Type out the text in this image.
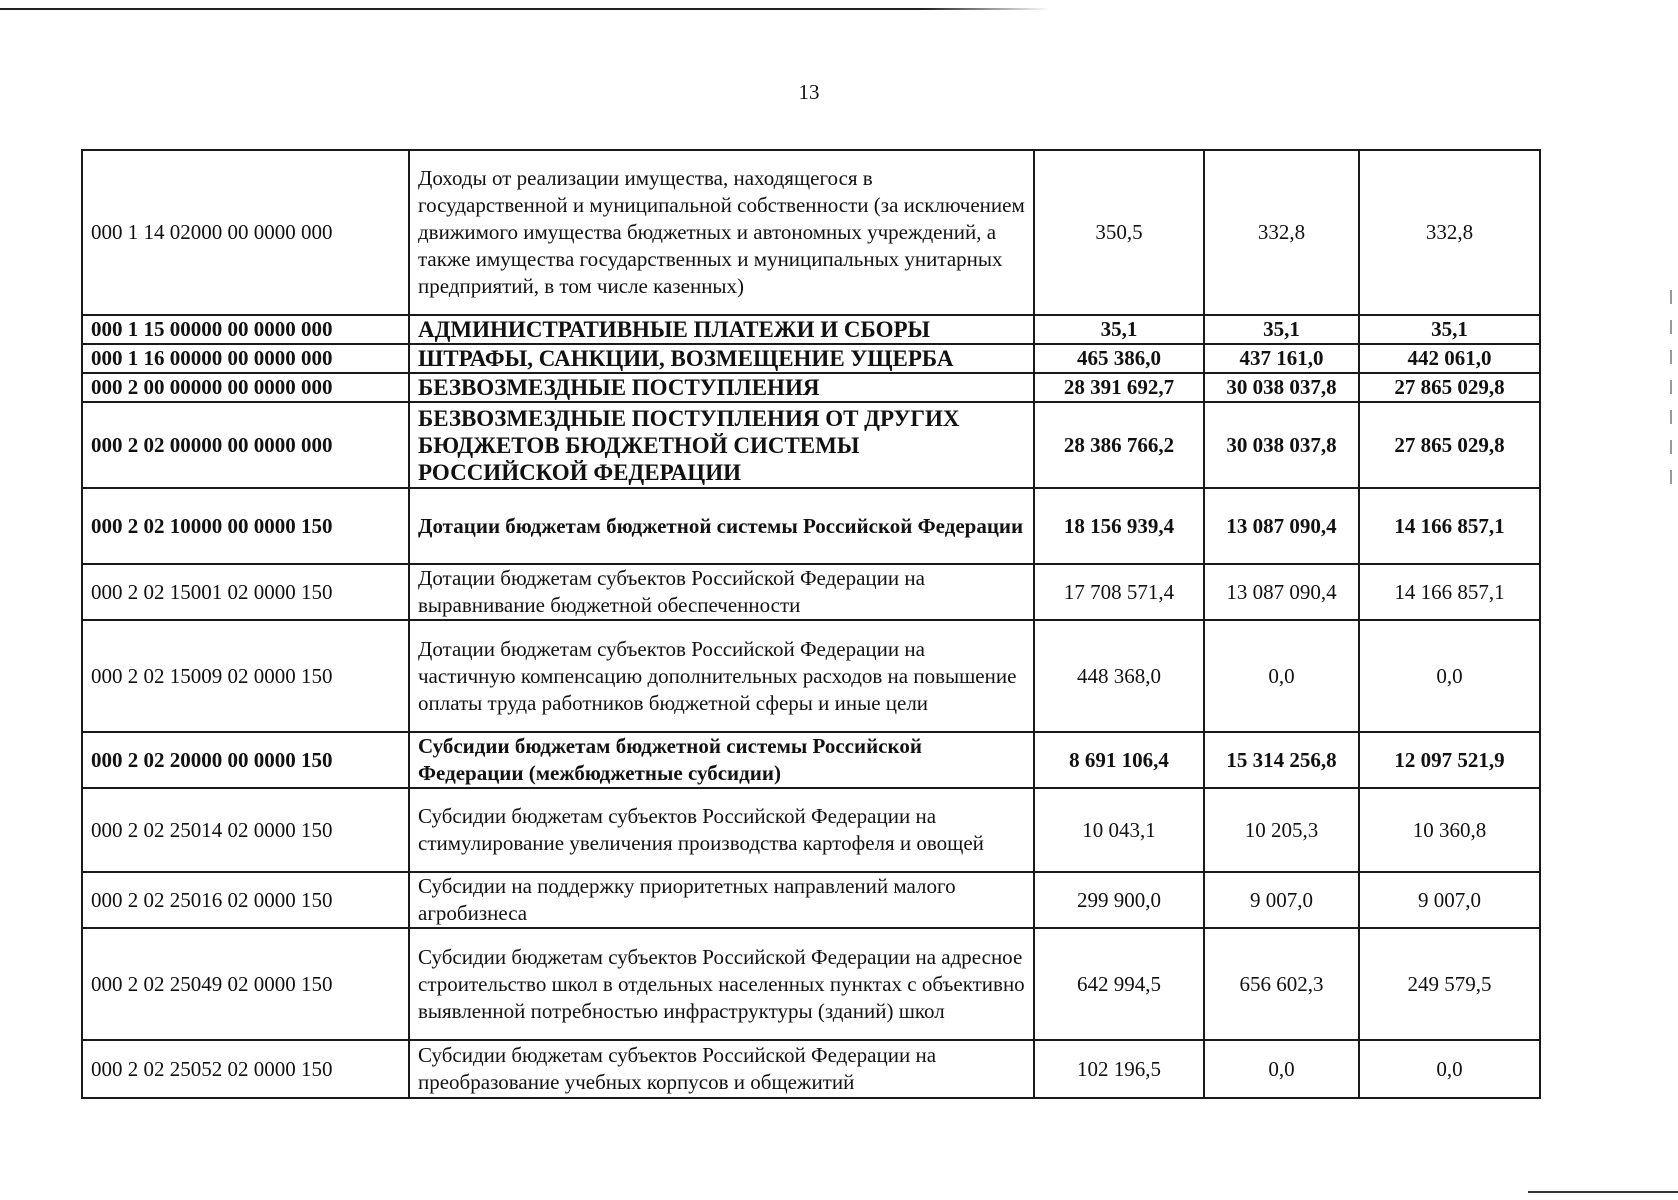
13
000 1 14 02000 00 0000 000	Доходы от реализации имущества, находящегося в государственной и муниципальной собственности (за исключением движимого имущества бюджетных и автономных учреждений, а также имущества государственных и муниципальных унитарных предприятий, в том числе казенных)	350,5	332,8	332,8
000 1 15 00000 00 0000 000	АДМИНИСТРАТИВНЫЕ ПЛАТЕЖИ И СБОРЫ	35,1	35,1	35,1
000 1 16 00000 00 0000 000	ШТРАФЫ, САНКЦИИ, ВОЗМЕЩЕНИЕ УЩЕРБА	465 386,0	437 161,0	442 061,0
000 2 00 00000 00 0000 000	БЕЗВОЗМЕЗДНЫЕ ПОСТУПЛЕНИЯ	28 391 692,7	30 038 037,8	27 865 029,8
000 2 02 00000 00 0000 000	БЕЗВОЗМЕЗДНЫЕ ПОСТУПЛЕНИЯ ОТ ДРУГИХ БЮДЖЕТОВ БЮДЖЕТНОЙ СИСТЕМЫ РОССИЙСКОЙ ФЕДЕРАЦИИ	28 386 766,2	30 038 037,8	27 865 029,8
000 2 02 10000 00 0000 150	Дотации бюджетам бюджетной системы Российской Федерации	18 156 939,4	13 087 090,4	14 166 857,1
000 2 02 15001 02 0000 150	Дотации бюджетам субъектов Российской Федерации на выравнивание бюджетной обеспеченности	17 708 571,4	13 087 090,4	14 166 857,1
000 2 02 15009 02 0000 150	Дотации бюджетам субъектов Российской Федерации на частичную компенсацию дополнительных расходов на повышение оплаты труда работников бюджетной сферы и иные цели	448 368,0	0,0	0,0
000 2 02 20000 00 0000 150	Субсидии бюджетам бюджетной системы Российской Федерации (межбюджетные субсидии)	8 691 106,4	15 314 256,8	12 097 521,9
000 2 02 25014 02 0000 150	Субсидии бюджетам субъектов Российской Федерации на стимулирование увеличения производства картофеля и овощей	10 043,1	10 205,3	10 360,8
000 2 02 25016 02 0000 150	Субсидии на поддержку приоритетных направлений малого агробизнеса	299 900,0	9 007,0	9 007,0
000 2 02 25049 02 0000 150	Субсидии бюджетам субъектов Российской Федерации на адресное строительство школ в отдельных населенных пунктах с объективно выявленной потребностью инфраструктуры (зданий) школ	642 994,5	656 602,3	249 579,5
000 2 02 25052 02 0000 150	Субсидии бюджетам субъектов Российской Федерации на преобразование учебных корпусов и общежитий	102 196,5	0,0	0,0
